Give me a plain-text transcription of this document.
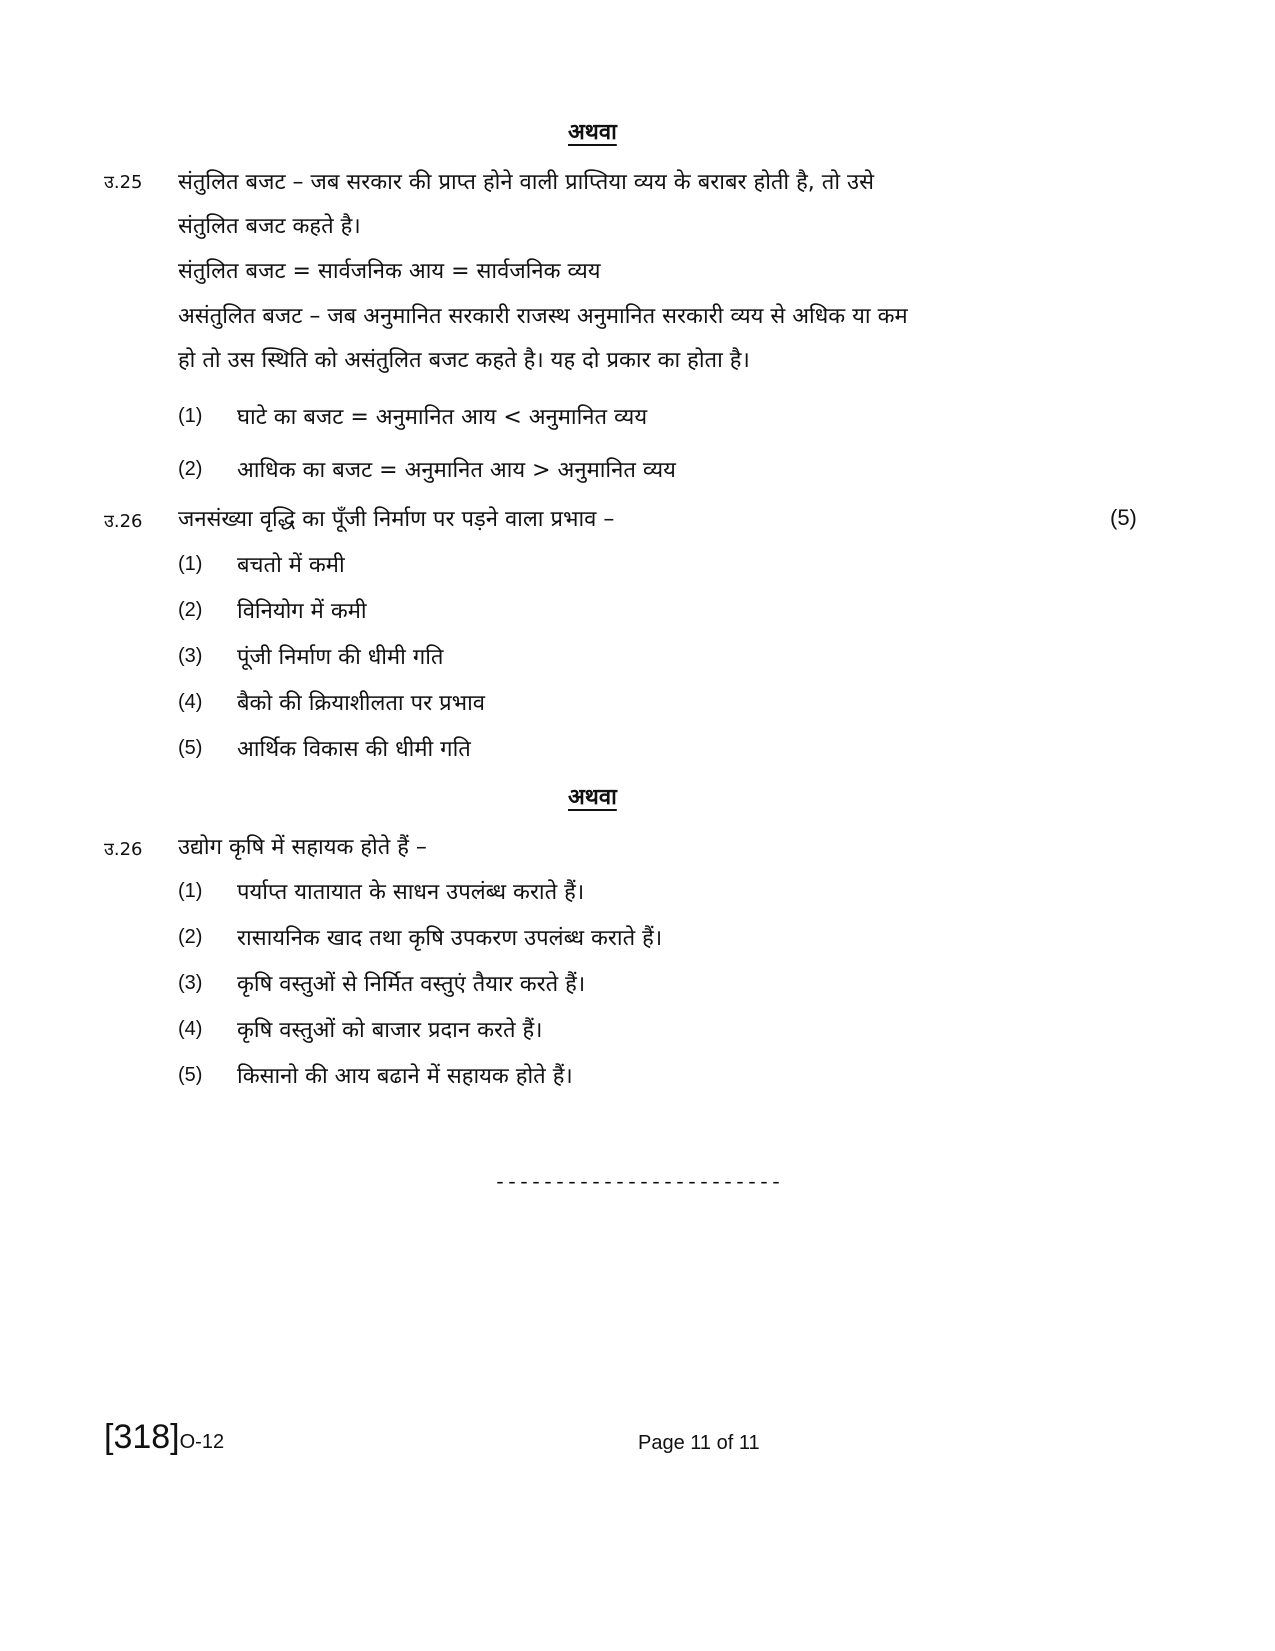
अथवा
उ.25 संतुलित बजट – जब सरकार की प्राप्त होने वाली प्राप्तिया व्यय के बराबर होती है, तो उसे
संतुलित बजट कहते है।
संतुलित बजट = सार्वजनिक आय = सार्वजनिक व्यय
असंतुलित बजट – जब अनुमानित सरकारी राजस्थ अनुमानित सरकारी व्यय से अधिक या कम
हो तो उस स्थिति को असंतुलित बजट कहते है। यह दो प्रकार का होता है।
(1) घाटे का बजट = अनुमानित आय < अनुमानित व्यय
(2) आधिक का बजट = अनुमानित आय > अनुमानित व्यय
उ.26 जनसंख्या वृद्धि का पूँजी निर्माण पर पड़ने वाला प्रभाव –	(5)
(1) बचतो में कमी
(2) विनियोग में कमी
(3) पूंजी निर्माण की धीमी गति
(4) बैको की क्रियाशीलता पर प्रभाव
(5) आर्थिक विकास की धीमी गति
अथवा
उ.26 उद्योग कृषि में सहायक होते हैं –
(1) पर्याप्त यातायात के साधन उपलंब्ध कराते हैं।
(2) रासायनिक खाद तथा कृषि उपकरण उपलंब्ध कराते हैं।
(3) कृषि वस्तुओं से निर्मित वस्तुएं तैयार करते हैं।
(4) कृषि वस्तुओं को बाजार प्रदान करते हैं।
(5) किसानो की आय बढाने में सहायक होते हैं।
------------------------
[318]O-12	Page 11 of 11
